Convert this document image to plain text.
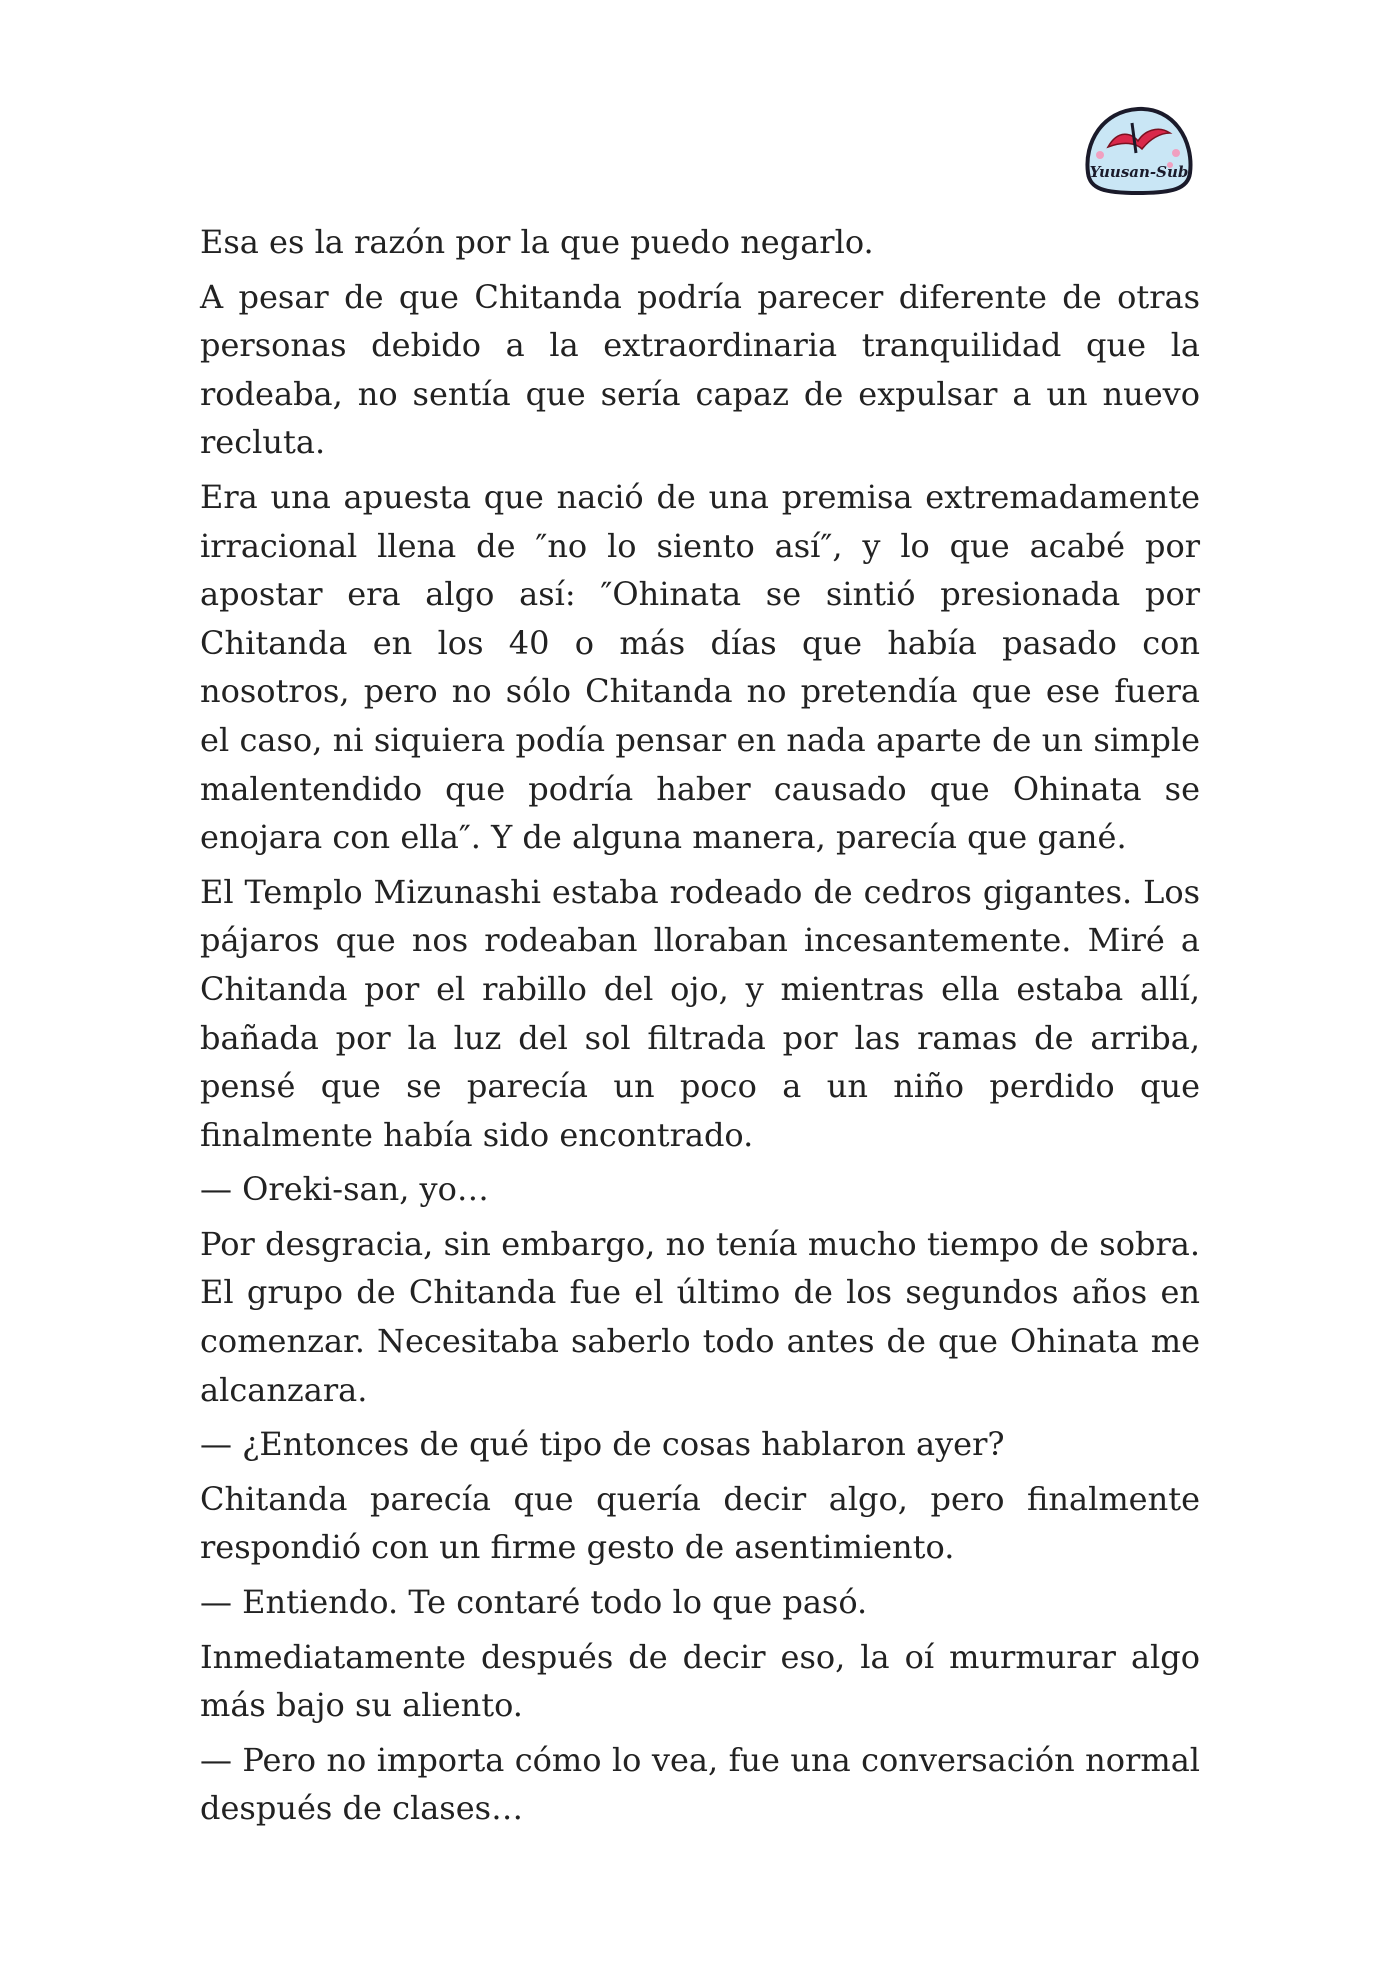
Yuusan-Sub

Esa es la razón por la que puedo negarlo.

A pesar de que Chitanda podría parecer diferente de otras personas debido a la extraordinaria tranquilidad que la rodeaba, no sentía que sería capaz de expulsar a un nuevo recluta.

Era una apuesta que nació de una premisa extremadamente irracional llena de ″no lo siento así″, y lo que acabé por apostar era algo así: ″Ohinata se sintió presionada por Chitanda en los 40 o más días que había pasado con nosotros, pero no sólo Chitanda no pretendía que ese fuera el caso, ni siquiera podía pensar en nada aparte de un simple malentendido que podría haber causado que Ohinata se enojara con ella″. Y de alguna manera, parecía que gané.

El Templo Mizunashi estaba rodeado de cedros gigantes. Los pájaros que nos rodeaban lloraban incesantemente. Miré a Chitanda por el rabillo del ojo, y mientras ella estaba allí, bañada por la luz del sol filtrada por las ramas de arriba, pensé que se parecía un poco a un niño perdido que finalmente había sido encontrado.

— Oreki-san, yo…

Por desgracia, sin embargo, no tenía mucho tiempo de sobra. El grupo de Chitanda fue el último de los segundos años en comenzar. Necesitaba saberlo todo antes de que Ohinata me alcanzara.

— ¿Entonces de qué tipo de cosas hablaron ayer?

Chitanda parecía que quería decir algo, pero finalmente respondió con un firme gesto de asentimiento.

— Entiendo. Te contaré todo lo que pasó.

Inmediatamente después de decir eso, la oí murmurar algo más bajo su aliento.

— Pero no importa cómo lo vea, fue una conversación normal después de clases…
